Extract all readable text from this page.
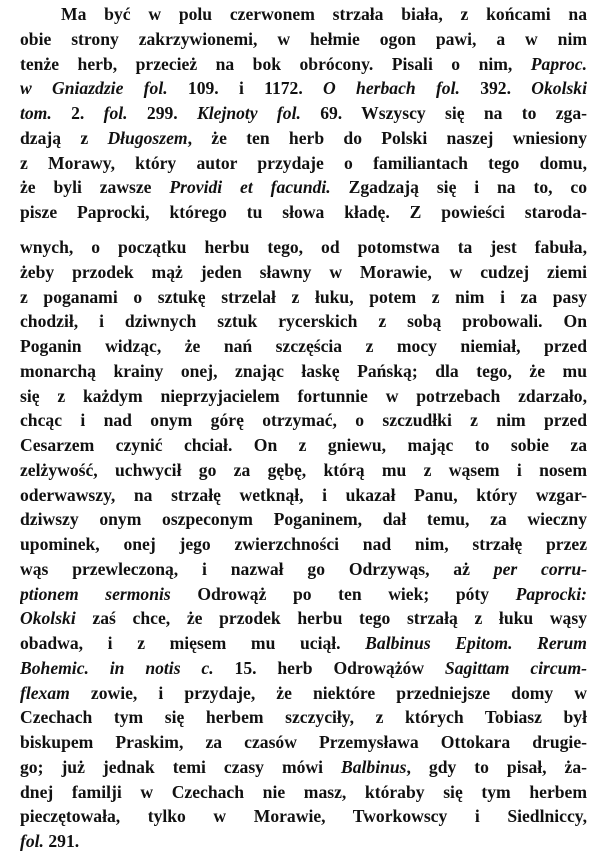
Ma być w polu czerwonem strzała biała, z końcami na
obie strony zakrzywionemi, w hełmie ogon pawi, a w nim
tenże herb, przecież na bok obrócony. Pisali o nim, Paproc.
w Gniazdzie fol. 109. i 1172. O herbach fol. 392. Okolski
tom. 2. fol. 299. Klejnoty fol. 69. Wszyscy się na to zga-
dzają z Długoszem, że ten herb do Polski naszej wniesiony
z Morawy, który autor przydaje o familiantach tego domu,
że byli zawsze Providi et facundi. Zgadzają się i na to, co
pisze Paprocki, którego tu słowa kładę. Z powieści staroda-
wnych, o początku herbu tego, od potomstwa ta jest fabuła,
żeby przodek mąż jeden sławny w Morawie, w cudzej ziemi
z poganami o sztukę strzelał z łuku, potem z nim i za pasy
chodził, i dziwnych sztuk rycerskich z sobą probowali. On
Poganin widząc, że nań szczęścia z mocy niemiał, przed
monarchą krainy onej, znając łaskę Pańską; dla tego, że mu
się z każdym nieprzyjacielem fortunnie w potrzebach zdarzało,
chcąc i nad onym górę otrzymać, o szczudłki z nim przed
Cesarzem czynić chciał. On z gniewu, mając to sobie za
zelżywość, uchwycił go za gębę, którą mu z wąsem i nosem
oderwawszy, na strzałę wetknął, i ukazał Panu, który wzgar-
dziwszy onym oszpeconym Poganinem, dał temu, za wieczny
upominek, onej jego zwierzchności nad nim, strzałę przez
wąs przewleczoną, i nazwał go Odrzywąs, aż per corru-
ptionem sermonis Odrowąż po ten wiek; póty Paprocki:
Okolski zaś chce, że przodek herbu tego strzałą z łuku wąsy
obadwa, i z mięsem mu uciął. Balbinus Epitom. Rerum
Bohemic. in notis c. 15. herb Odrowążów Sagittam circum-
flexam zowie, i przydaje, że niektóre przedniejsze domy w
Czechach tym się herbem szczyciły, z których Tobiasz był
biskupem Praskim, za czasów Przemysława Ottokara drugie-
go; już jednak temi czasy mówi Balbinus, gdy to pisał, ża-
dnej familji w Czechach nie masz, któraby się tym herbem
pieczętowała, tylko w Morawie, Tworkowscy i Siedlniccy,
fol. 291.
